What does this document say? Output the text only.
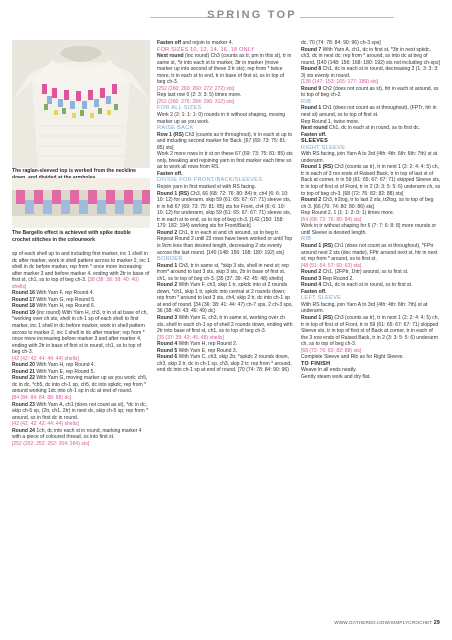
SPRING TOP
The raglan-sleeved top is worked from the neckline
The Bargello effect is achieved with spike double crochet stitches in the colourwork

sp of each shell up to and including first marker, inc 1 shell in dc after marker, work in shell pattern across to marker 2, inc 1 shell in dc before marker, rep from * once more increasing after marker 3 and before marker 4, ending with 2tr in base of first st, ch1, ss to top of beg ch-3. [38 (38: 38: 38: 40: 40) shells]

Round 16 With Yarn F, rep Round 4.

Round 17 With Yarn G, rep Round 5.

Round 18 With Yarn H, rep Round 6.

Round 19 (inc round) With Yarn H, ch3, tr in st at base of ch, *working over ch sts, shell in ch-1 sp of each shell to first marker, inc 1 shell in dc before marker, work in shell pattern across to marker 2, inc 1 shell in dc after marker; rep from * once more increasing before marker 3 and after marker 4, ending with 2tr in base of first st in round, ch1, ss to top of beg ch-3.

[42 (42: 42: 44: 44: 44) shells]

Round 20 With Yarn H, rep Round 4.

Round 21 With Yarn E, rep Round 5.

Round 22 With Yarn G, moving marker up as you work; ch5, dc in dc, *ch5, dc into ch-1 sp, ch5, dc into spkdc; rep from * around working 1dc into ch-1 sp in dc at end of round.

[84 (84: 84: 84: 88: 88) dc]

Round 23 With Yarn A, ch1 (does not count as st), *dc in dc, skip ch-5 sp, (2tr, ch1, 2tr) in next dc, skip ch-5 sp; rep from * around, ss in first dc in round.

[42 (42: 42: 42: 44: 44) shells]

Round 24 1ch, dc into each st in round, marking marker 4 with a piece of coloured thread, ss into first st.

[252 (252: 252: 252: 264: 264) sts]

Fasten off and rejoin to marker 4.

FOR SIZES 10, 12, 14, 16, 18 ONLY

Next round (inc round) Ch3 (counts as tr, pm in this st), tr in same st, *tr into each st to marker, 3tr in marker (move marker up into second of these 3 tr sts); rep from * twice more, tr in each st to end, tr in base of first st, ss in top of beg ch-3.

[252 (260: 260: 260: 272: 272) sts]

Rep last row 0 (2: 3: 3: 5) times more.

[252 (260: 276: 284: 296: 312) sts]

FOR ALL SIZES

Work 2 (2: 1: 1: 1: 0) rounds in tr without shaping, moving marker up as you work.

RAISE BACK

Row 1 (RS) Ch3 (counts as tr throughout), tr in each st up to and including second marker for Back. [67 (69: 73: 75: 81: 85) sts]

Work 2 more rows in tr st on these 67 (69: 73: 75: 81: 85) sts only, breaking and rejoining yarn in first marker each time so as to work all rows from RS.

Fasten off.

DIVIDE FOR FRONT/BACK/SLEEVES

Rejoin yarn in first marked st with RS facing.

Round 1 (RS) Ch3, 66 (68: 72: 76: 80: 84) tr, ch4 (6: 6: 10: 10: 12) for underarm, skip 59 (61: 65: 67: 67: 71) sleeve sts, tr in foll 67 (69: 73: 75: 81: 85) sts for Front, ch4 (6: 6: 10: 10: 12) for underarm, skip 59 (61: 65: 67: 67: 71) sleeve sts, tr in each st to end, ss to top of beg ch-3. [142 (150: 158: 170: 182: 194) working sts for Front/Back]

Round 2 Ch1, tr in each st and ch around, ss to beg tr.

Repeat Round 2 until 23 rows have been worked or until Top is 9cm less than desired length, decreasing 2 sts evenly across the last round. [140 (148: 156: 168: 180: 192) sts]

BORDER

Round 1 Ch3, tr in same st, *skip 3 sts, shell in next st; rep from* around to last 3 sts, skip 3 sts, 2tr in base of first st, ch1, ss to top of beg ch-3. [35 (37: 39: 42: 45: 48) shells]

Round 2 With Yarn F, ch3, skip 1 tr, spkdc into st 2 rounds down, *ch1, skip 1 tr, spkdc into central st 2 rounds down; rep from * around to last 3 sts, ch4, skip 2 tr, dc into ch-1 sp at end of round. [34 (36: 38: 41: 44: 47) ch-7 sps, 2 ch-3 sps, 36 (38: 40: 43: 46: 49) dc]

Round 3 With Yarn G, ch3, tr in same st, working over ch sts, shell in each ch-1 sp of shell 2 rounds down, ending with 2tr into base of first st, ch1, ss to top of beg ch-3.

[35 (37: 39: 42: 45: 48) shells]

Round 4 With Yarn H, rep Round 2.

Round 5 With Yarn E, rep Round 3.

Round 6 With Yarn C, ch3, skip 2tr, *spkdc 2 rounds down, ch3, skip 2 tr, dc in ch-1 sp, ch3, skip 2 tr; rep from * around, end dc into ch-1 sp at end of round. [70 (74: 78: 84: 90: 96)

dc, 70 (74: 78: 84: 90: 96) ch-3 sps]

Round 7 With Yarn A, ch1, dc in first st, *3tr in next spkdc, ch3, dc in next dc; rep from * around, ss into dc at beg of round. [140 (148: 156: 168: 180: 192) sts not including ch-sps]

Round 8 Ch1, dc in each st in round, decreasing 2 (1: 3: 3: 3: 3) sts evenly in round.

[138 (147: 153: 165: 177: 189) sts]

Round 9 Ch2 (does not count as st), htr in each st around, ss to top of beg ch-2.

RIB

Round 1 Ch1 (does not count as st throughout), (FPTr, htr in next st) around, ss to top of first st.

Rep Round 1, twice more.

Next round Ch1, dc in each st in round, ss to first dc.

Fasten off.

SLEEVES

RIGHT SLEEVE

With RS facing, join Yarn A to 3rd (4th: 4th: 6th: 6th: 7th) st at underarm.

Round 1 (RS) Ch3 (counts as tr), tr in next 1 (2: 2: 4: 4: 5) ch, tr in each of 3 rox ends of Raised Back, tr in top of last st of Back at corner, tr in 59 (61: 65: 67: 67: 71) skipped Sleeve sts, tr in top of first st of Front, tr in 2 (3: 3: 5: 5: 6) underarm ch, ss to top of beg ch-3. [68 (72: 76: 82: 82: 88) sts]

Round 2 Ch3, tr2tog, tr to last 2 sts, tr2tog, ss to top of beg ch-3. [66 (70: 74: 80: 80: 86) sts]

Rep Round 2, 1 (1: 1: 2: 0: 1) times more.

[64 (68: 72: 76: 80: 84) sts]

Work in tr without shaping for 6 (7: 7: 6: 8: 8) more rounds or until Sleeve is desired length.

RIB

Round 1 (RS) Ch1 (does not count as st throughout), *FPtr around next 2 sts (dec made), FPtr around next st, htr in next st; rep from * around, ss to first st.

[48 (51: 54: 57: 60: 63) sts]

Round 2 Ch1, (2FPtr, 1htr) around, ss to first st.

Round 3 Rep Round 2.

Round 4 Ch1, dc in each st in round, ss to first st.

Fasten off.

LEFT SLEEVE

With RS facing, join Yarn A to 3rd (4th: 4th: 6th: 7th) st at underarm.

Round 1 (RS) Ch3 (counts as tr), tr in next 1 (2: 2: 4: 4: 5) ch, tr in top of first st of Front, tr in 59 (61: 65: 67: 67: 71) skipped Sleeve sts, tr in top of first st of Back at corner, tr in each of the 3 row ends of Raised Back, tr in 2 (3: 3: 5: 5: 6) underarm ch, ss to top of beg ch-3.

[68 (72: 76: 82: 82: 88) sts]

Complete Sleeve and Rib as for Right Sleeve.

TO FINISH

Weave in all ends neatly.

Gently steam work and dry flat.

WWW.GATHERED.HOW/SIMPLYCROCHET 29
